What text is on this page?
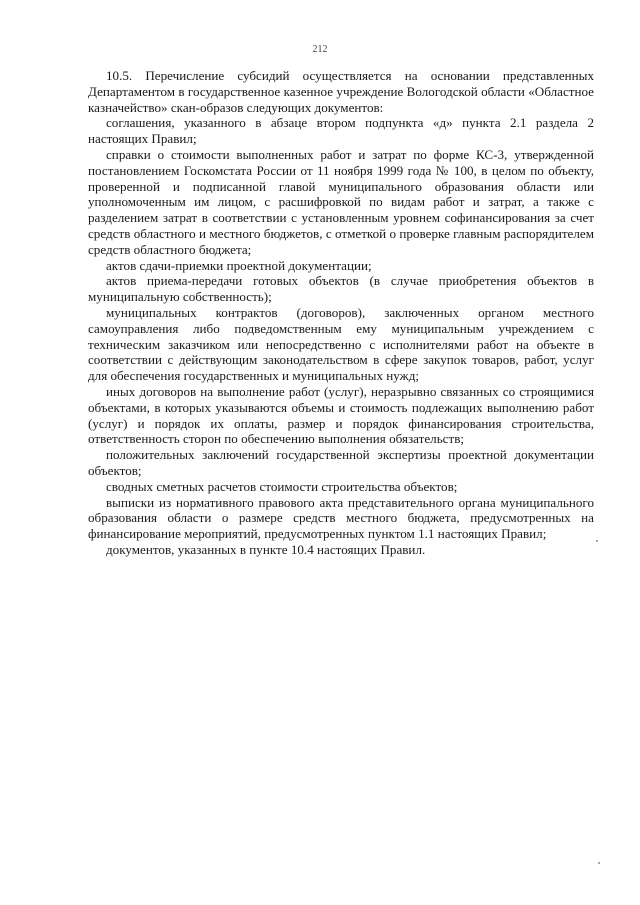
212

10.5. Перечисление субсидий осуществляется на основании представленных Департаментом в государственное казенное учреждение Вологодской области «Областное казначейство» скан-образов следующих документов:

соглашения, указанного в абзаце втором подпункта «д» пункта 2.1 раздела 2 настоящих Правил;

справки о стоимости выполненных работ и затрат по форме КС-3, утвержденной постановлением Госкомстата России от 11 ноября 1999 года № 100, в целом по объекту, проверенной и подписанной главой муниципального образования области или уполномоченным им лицом, с расшифровкой по видам работ и затрат, а также с разделением затрат в соответствии с установленным уровнем софинансирования за счет средств областного и местного бюджетов, с отметкой о проверке главным распорядителем средств областного бюджета;

актов сдачи-приемки проектной документации;

актов приема-передачи готовых объектов (в случае приобретения объектов в муниципальную собственность);

муниципальных контрактов (договоров), заключенных органом местного самоуправления либо подведомственным ему муниципальным учреждением с техническим заказчиком или непосредственно с исполнителями работ на объекте в соответствии с действующим законодательством в сфере закупок товаров, работ, услуг для обеспечения государственных и муниципальных нужд;

иных договоров на выполнение работ (услуг), неразрывно связанных со строящимися объектами, в которых указываются объемы и стоимость подлежащих выполнению работ (услуг) и порядок их оплаты, размер и порядок финансирования строительства, ответственность сторон по обеспечению выполнения обязательств;

положительных заключений государственной экспертизы проектной документации объектов;

сводных сметных расчетов стоимости строительства объектов;

выписки из нормативного правового акта представительного органа муниципального образования области о размере средств местного бюджета, предусмотренных на финансирование мероприятий, предусмотренных пунктом 1.1 настоящих Правил;

документов, указанных в пункте 10.4 настоящих Правил.
